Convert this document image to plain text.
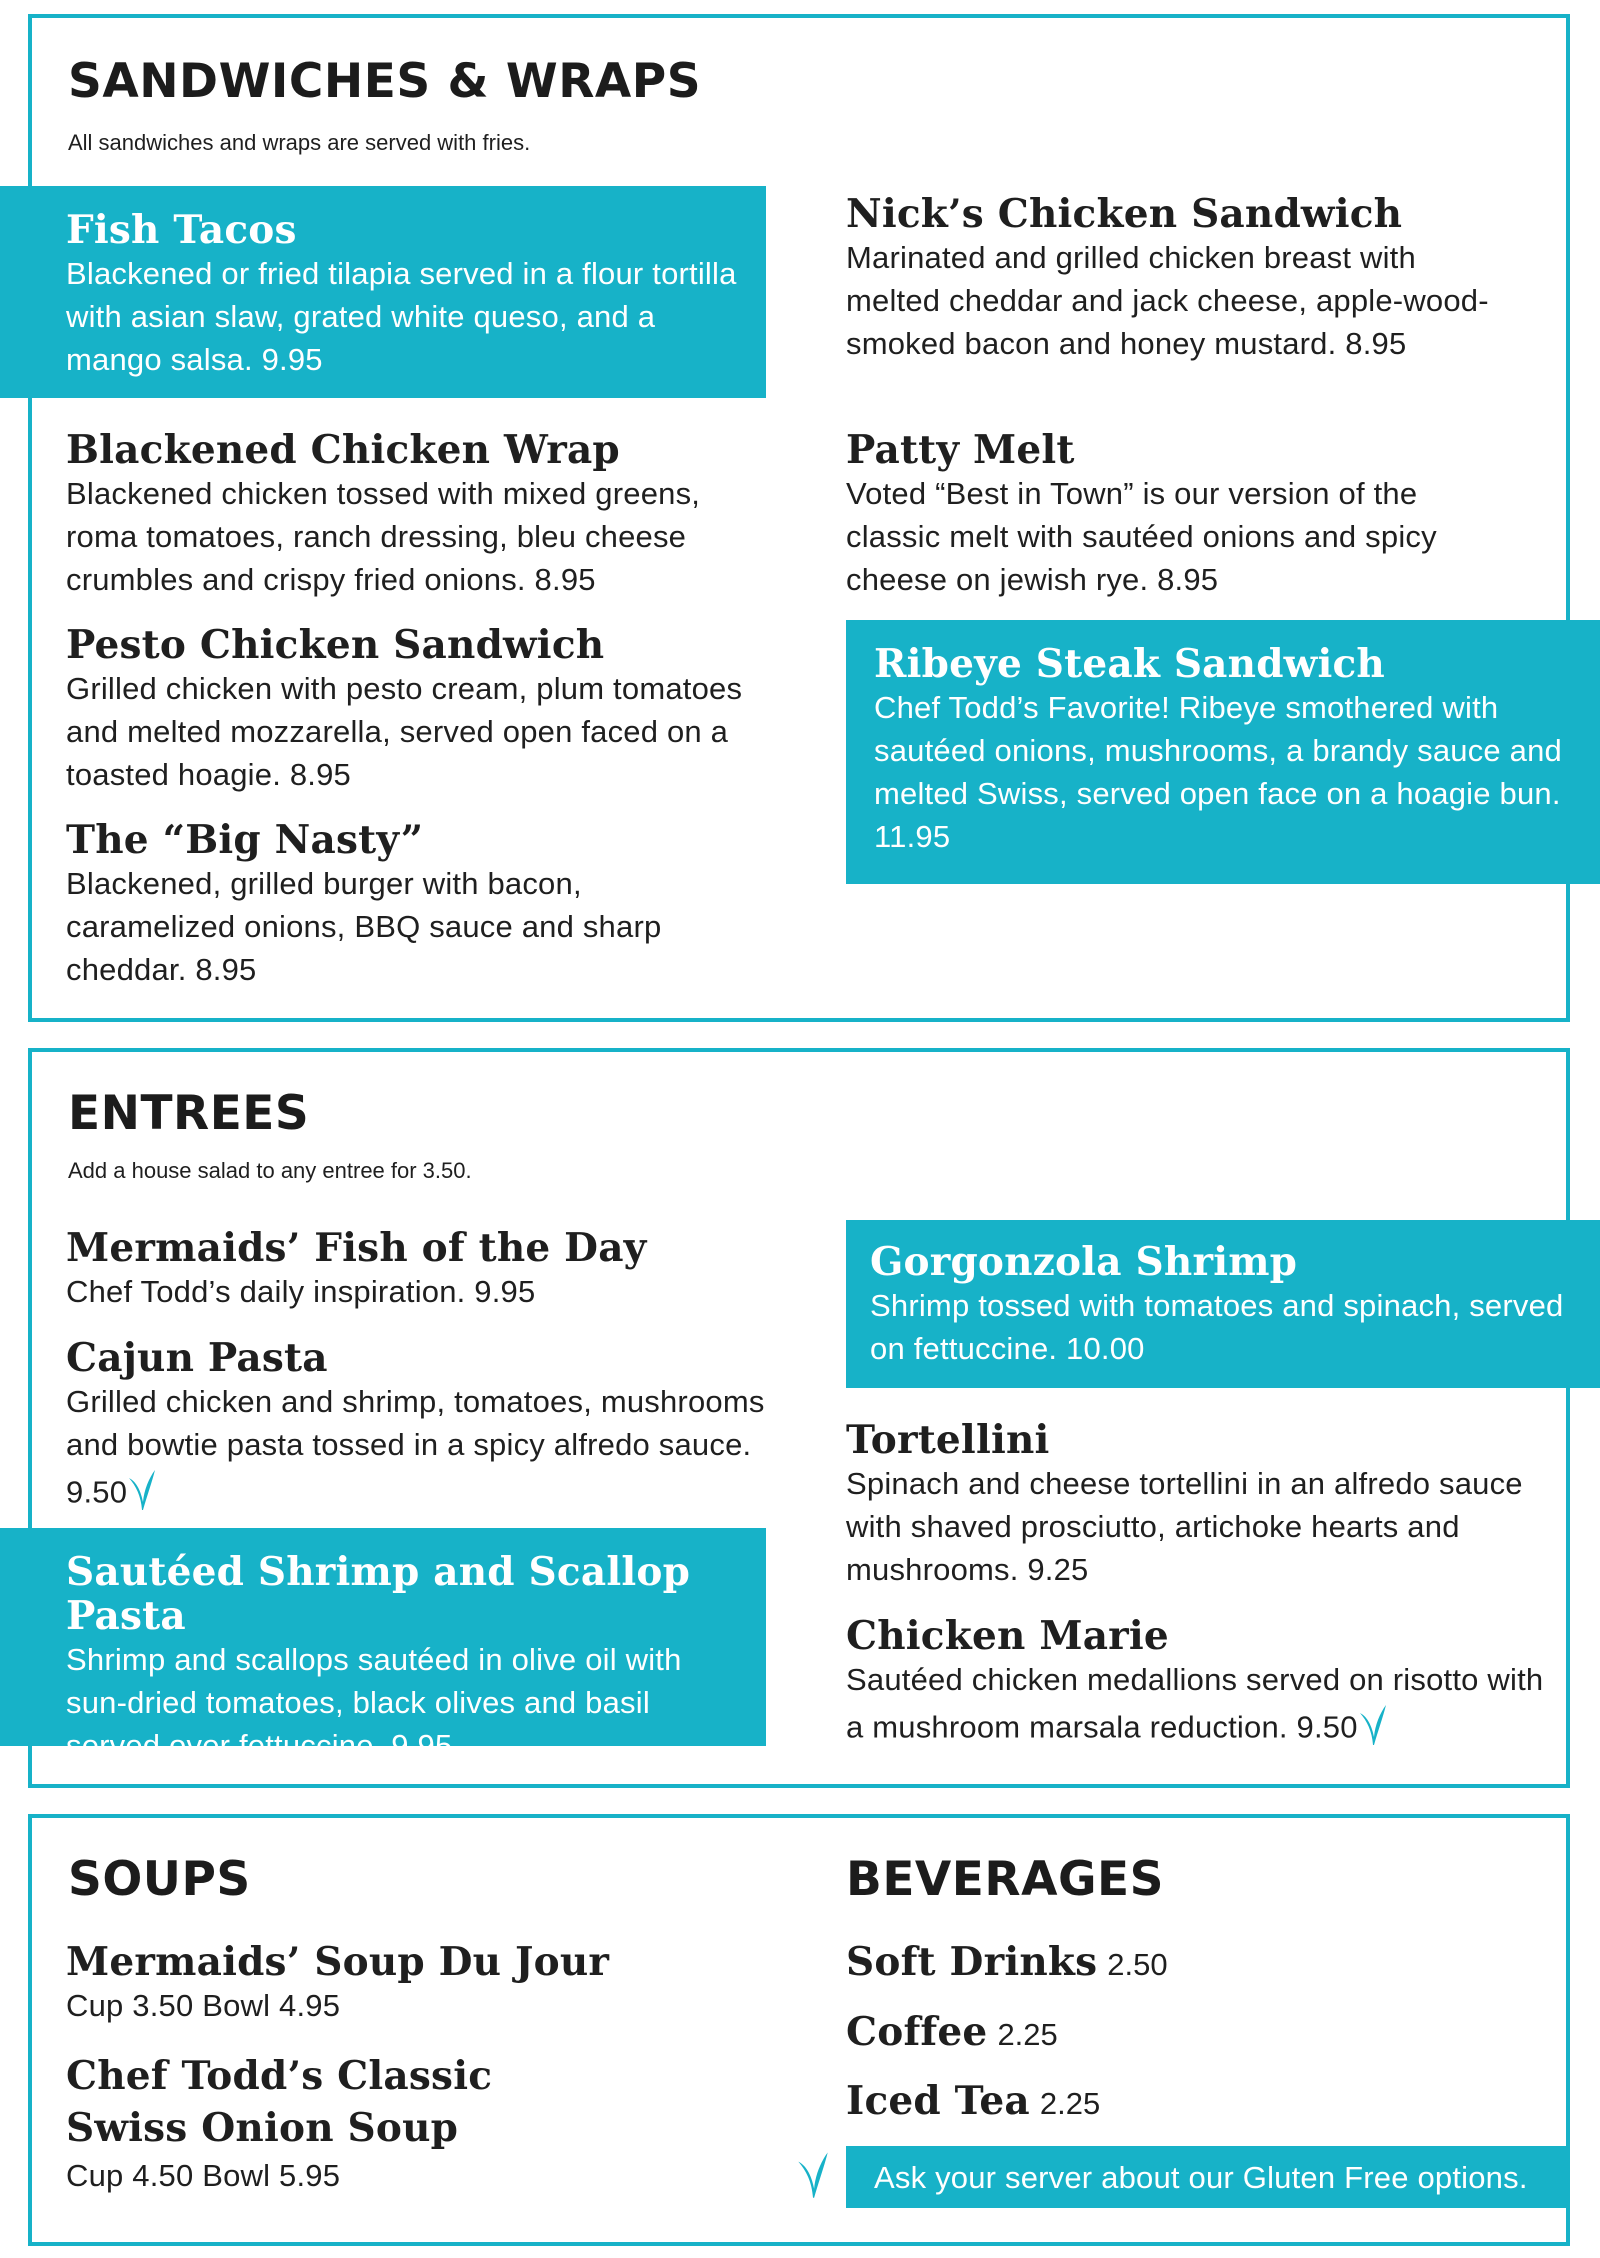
SANDWICHES & WRAPS

All sandwiches and wraps are served with fries.

Fish Tacos

Blackened or fried tilapia served in a flour tortilla with asian slaw, grated white queso, and a mango salsa. 9.95

Blackened Chicken Wrap

Blackened chicken tossed with mixed greens, roma tomatoes, ranch dressing, bleu cheese crumbles and crispy fried onions. 8.95

Pesto Chicken Sandwich

Grilled chicken with pesto cream, plum tomatoes and melted mozzarella, served open faced on a toasted hoagie. 8.95

The “Big Nasty”

Blackened, grilled burger with bacon, caramelized onions, BBQ sauce and sharp cheddar. 8.95

Nick’s Chicken Sandwich

Marinated and grilled chicken breast with melted cheddar and jack cheese, apple-wood-smoked bacon and honey mustard. 8.95

Patty Melt

Voted “Best in Town” is our version of the classic melt with sautéed onions and spicy cheese on jewish rye. 8.95

Ribeye Steak Sandwich

Chef Todd’s Favorite! Ribeye smothered with sautéed onions, mushrooms, a brandy sauce and melted Swiss, served open face on a hoagie bun. 11.95

ENTREES

Add a house salad to any entree for 3.50.

Mermaids’ Fish of the Day

Chef Todd’s daily inspiration. 9.95

Cajun Pasta

Grilled chicken and shrimp, tomatoes, mushrooms and bowtie pasta tossed in a spicy alfredo sauce. 9.50

Sautéed Shrimp and Scallop Pasta

Shrimp and scallops sautéed in olive oil with sun-dried tomatoes, black olives and basil served over fettuccine. 9.95

Gorgonzola Shrimp

Shrimp tossed with tomatoes and spinach, served on fettuccine. 10.00

Tortellini

Spinach and cheese tortellini in an alfredo sauce with shaved prosciutto, artichoke hearts and mushrooms. 9.25

Chicken Marie

Sautéed chicken medallions served on risotto with a mushroom marsala reduction. 9.50

SOUPS	BEVERAGES
Mermaids’ Soup Du Jour

Cup 3.50 Bowl 4.95

Chef Todd’s Classic Swiss Onion Soup

Cup 4.50 Bowl 5.95

Soft Drinks 2.50
Coffee 2.25
Iced Tea 2.25

Ask your server about our Gluten Free options.
